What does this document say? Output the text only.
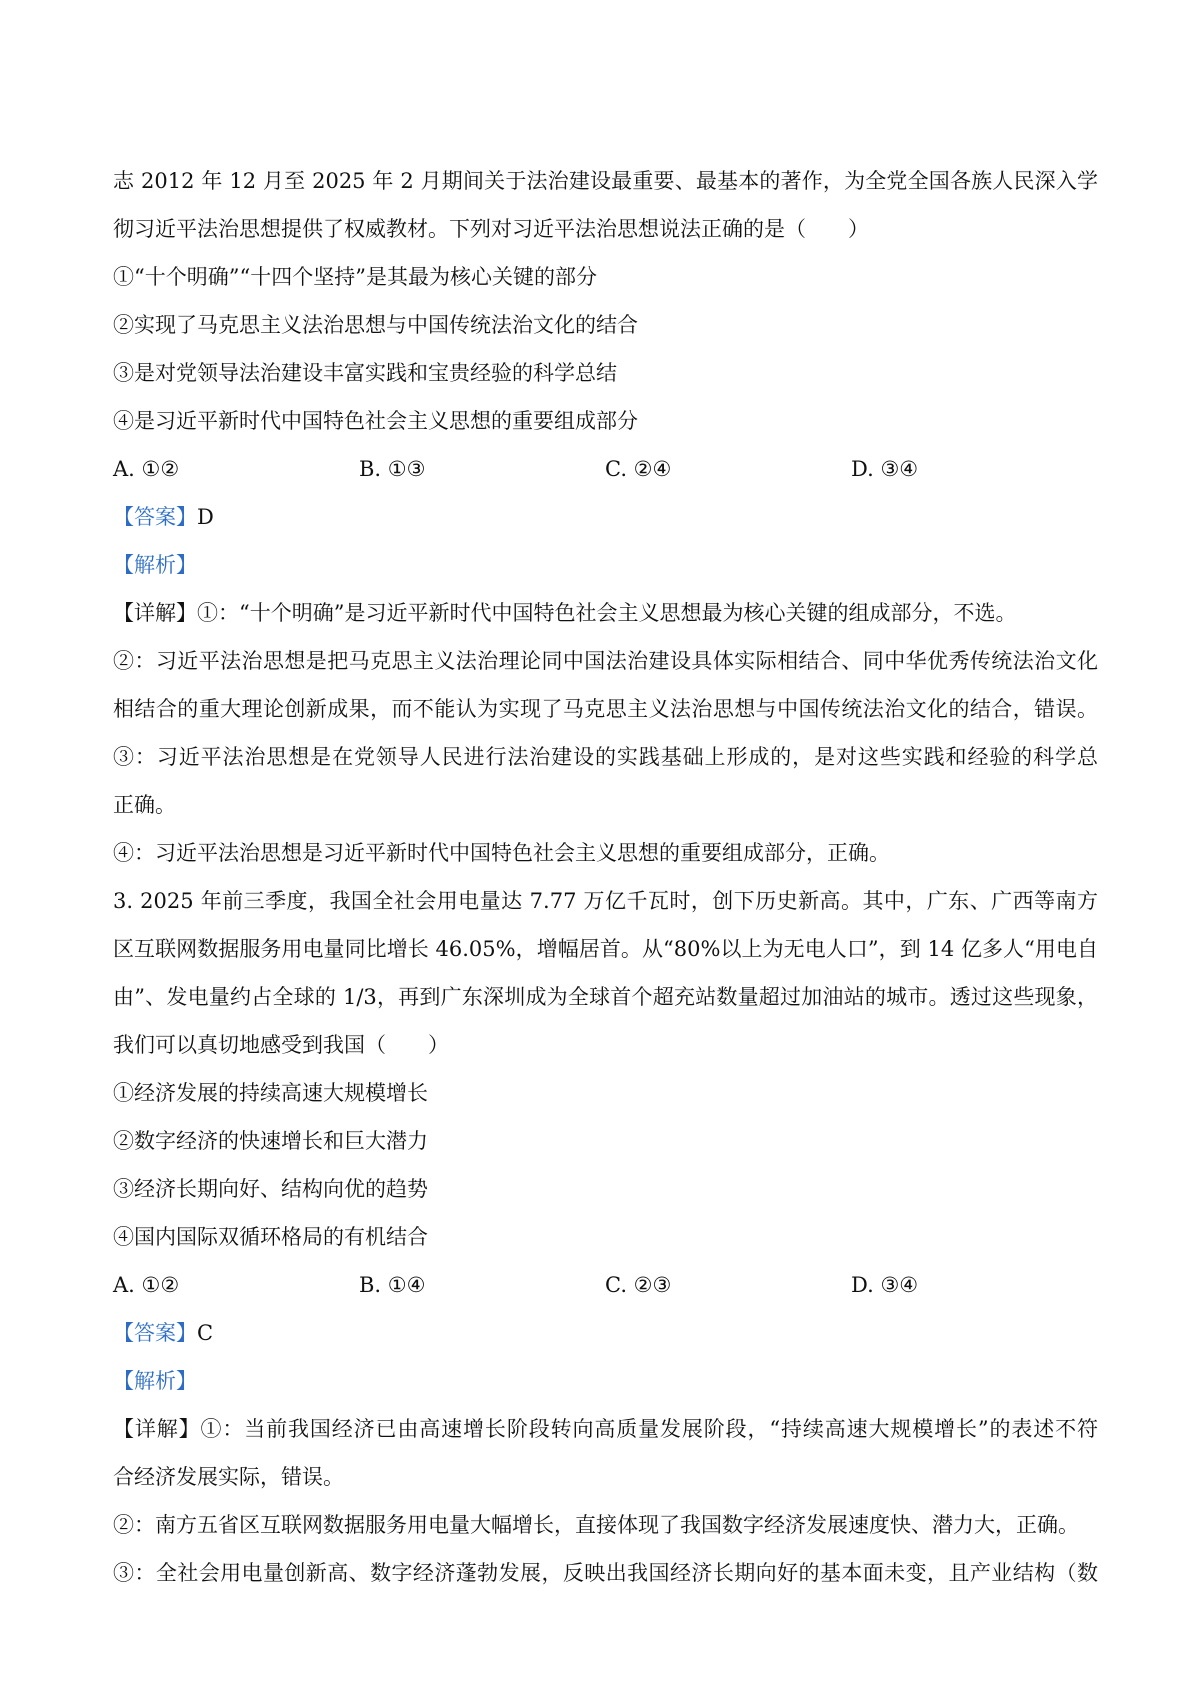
志 2012 年 12 月至 2025 年 2 月期间关于法治建设最重要、最基本的著作，为全党全国各族人民深入学
彻习近平法治思想提供了权威教材。下列对习近平法治思想说法正确的是（　　）
①“十个明确”“十四个坚持”是其最为核心关键的部分
②实现了马克思主义法治思想与中国传统法治文化的结合
③是对党领导法治建设丰富实践和宝贵经验的科学总结
④是习近平新时代中国特色社会主义思想的重要组成部分
A. ①②	B. ①③	C. ②④	D. ③④
【答案】D
【解析】
【详解】①：“十个明确”是习近平新时代中国特色社会主义思想最为核心关键的组成部分，不选。
②：习近平法治思想是把马克思主义法治理论同中国法治建设具体实际相结合、同中华优秀传统法治文化
相结合的重大理论创新成果，而不能认为实现了马克思主义法治思想与中国传统法治文化的结合，错误。
③：习近平法治思想是在党领导人民进行法治建设的实践基础上形成的，是对这些实践和经验的科学总
正确。
④：习近平法治思想是习近平新时代中国特色社会主义思想的重要组成部分，正确。
3. 2025 年前三季度，我国全社会用电量达 7.77 万亿千瓦时，创下历史新高。其中，广东、广西等南方
区互联网数据服务用电量同比增长 46.05%，增幅居首。从“80%以上为无电人口”，到 14 亿多人“用电自
由”、发电量约占全球的 1/3，再到广东深圳成为全球首个超充站数量超过加油站的城市。透过这些现象，
我们可以真切地感受到我国（　　）
①经济发展的持续高速大规模增长
②数字经济的快速增长和巨大潜力
③经济长期向好、结构向优的趋势
④国内国际双循环格局的有机结合
A. ①②	B. ①④	C. ②③	D. ③④
【答案】C
【解析】
【详解】①：当前我国经济已由高速增长阶段转向高质量发展阶段，“持续高速大规模增长”的表述不符
合经济发展实际，错误。
②：南方五省区互联网数据服务用电量大幅增长，直接体现了我国数字经济发展速度快、潜力大，正确。
③：全社会用电量创新高、数字经济蓬勃发展，反映出我国经济长期向好的基本面未变，且产业结构（数
